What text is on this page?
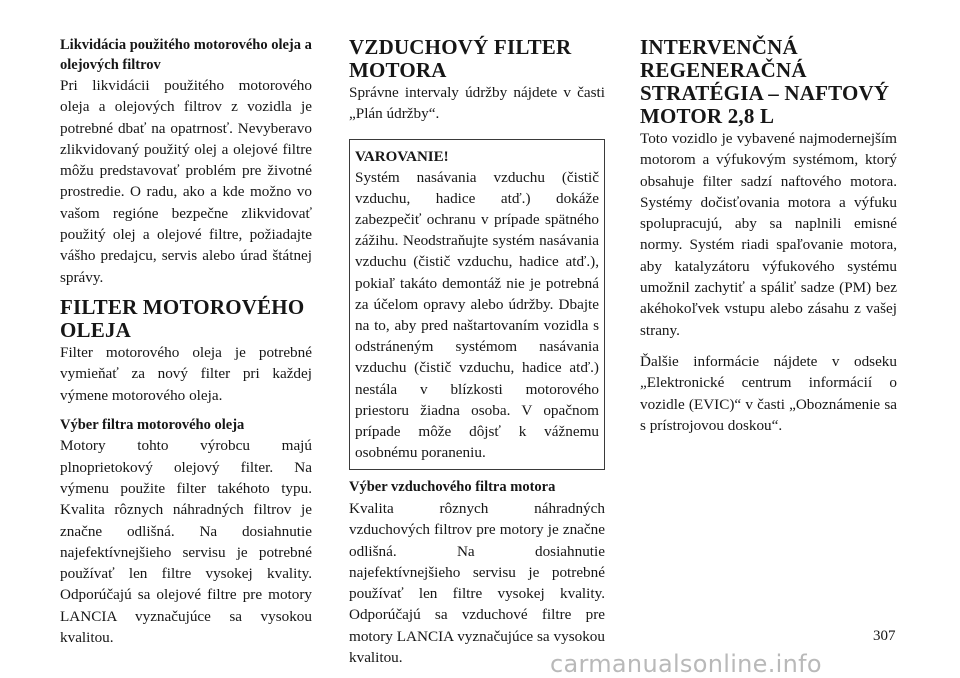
Likvidácia použitého motorového oleja a olejových filtrov

Pri likvidácii použitého motorového oleja a olejových filtrov z vozidla je potrebné dbať na opatrnosť. Nevyberavo zlikvidovaný použitý olej a olejové filtre môžu predstavovať problém pre životné prostredie. O radu, ako a kde možno vo vašom regióne bezpečne zlikvidovať použitý olej a olejové filtre, požiadajte vášho predajcu, servis alebo úrad štátnej správy.

FILTER MOTOROVÉHO OLEJA

Filter motorového oleja je potrebné vymieňať za nový filter pri každej výmene motorového oleja.

Výber filtra motorového oleja

Motory tohto výrobcu majú plnoprietokový olejový filter. Na výmenu použite filter takéhoto typu. Kvalita rôznych náhradných filtrov je značne odlišná. Na dosiahnutie najefektívnejšieho servisu je potrebné používať len filtre vysokej kvality. Odporúčajú sa olejové filtre pre motory LANCIA vyznačujúce sa vysokou kvalitou.

VZDUCHOVÝ FILTER MOTORA

Správne intervaly údržby nájdete v časti „Plán údržby“.

VAROVANIE!

Systém nasávania vzduchu (čistič vzduchu, hadice atď.) dokáže zabezpečiť ochranu v prípade spätného zážihu. Neodstraňujte systém nasávania vzduchu (čistič vzduchu, hadice atď.), pokiaľ takáto demontáž nie je potrebná za účelom opravy alebo údržby. Dbajte na to, aby pred naštartovaním vozidla s odstráneným systémom nasávania vzduchu (čistič vzduchu, hadice atď.) nestála v blízkosti motorového priestoru žiadna osoba. V opačnom prípade môže dôjsť k vážnemu osobnému poraneniu.

Výber vzduchového filtra motora

Kvalita rôznych náhradných vzduchových filtrov pre motory je značne odlišná. Na dosiahnutie najefektívnejšieho servisu je potrebné používať len filtre vysokej kvality. Odporúčajú sa vzduchové filtre pre motory LANCIA vyznačujúce sa vysokou kvalitou.

INTERVENČNÁ REGENERAČNÁ STRATÉGIA – NAFTOVÝ MOTOR 2,8 L

Toto vozidlo je vybavené najmodernejším motorom a výfukovým systémom, ktorý obsahuje filter sadzí naftového motora. Systémy dočisťovania motora a výfuku spolupracujú, aby sa naplnili emisné normy. Systém riadi spaľovanie motora, aby katalyzátoru výfukového systému umožnil zachytiť a spáliť sadze (PM) bez akéhokoľvek vstupu alebo zásahu z vašej strany.

Ďalšie informácie nájdete v odseku „Elektronické centrum informácií o vozidle (EVIC)“ v časti „Oboznámenie sa s prístrojovou doskou“.

307
carmanualsonline.info
